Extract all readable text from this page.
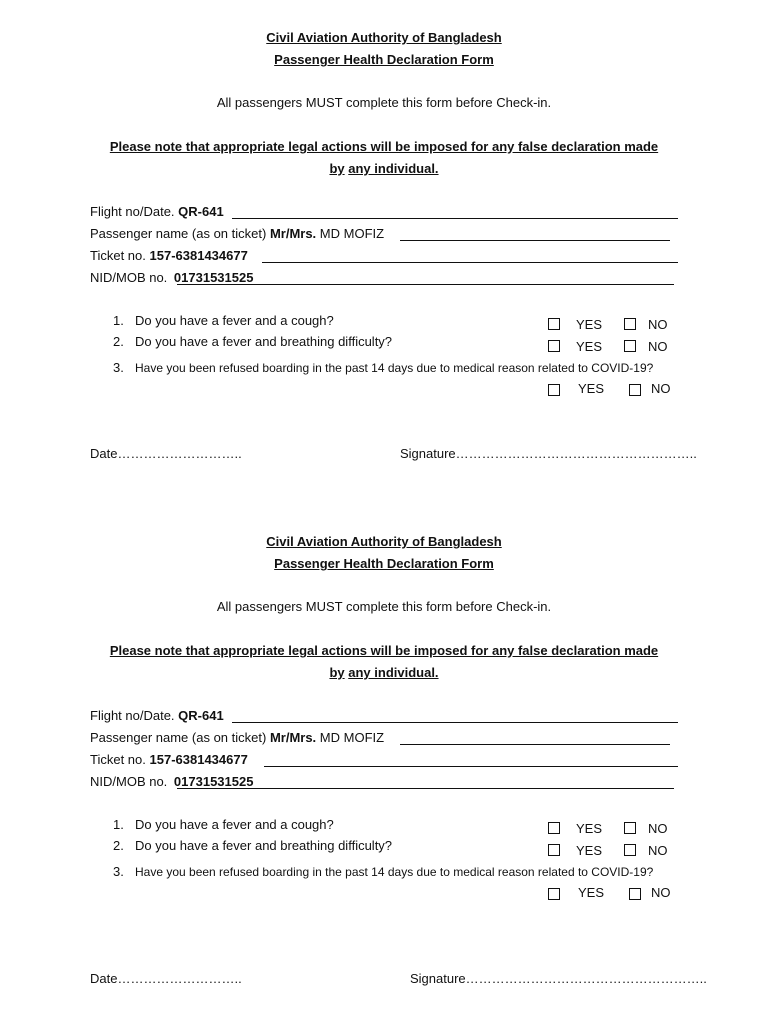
Civil Aviation Authority of Bangladesh
Passenger Health Declaration Form
All passengers MUST complete this form before Check-in.
Please note that appropriate legal actions will be imposed for any false declaration made
by any individual.
Flight no/Date. QR-641
Passenger name (as on ticket) Mr/Mrs. MD MOFIZ
Ticket no. 157-6381434677
NID/MOB no. 01731531525
1. Do you have a fever and a cough?	YES	NO
2. Do you have a fever and breathing difficulty?	YES	NO
3. Have you been refused boarding in the past 14 days due to medical reason related to COVID-19?
YES	NO
Date………………………..	Signature………………………………………………..
Civil Aviation Authority of Bangladesh
Passenger Health Declaration Form
All passengers MUST complete this form before Check-in.
Please note that appropriate legal actions will be imposed for any false declaration made
by any individual.
Flight no/Date. QR-641
Passenger name (as on ticket) Mr/Mrs. MD MOFIZ
Ticket no. 157-6381434677
NID/MOB no. 01731531525
1. Do you have a fever and a cough?	YES	NO
2. Do you have a fever and breathing difficulty?	YES	NO
3. Have you been refused boarding in the past 14 days due to medical reason related to COVID-19?
YES	NO
Date………………………..	Signature………………………………………………..
